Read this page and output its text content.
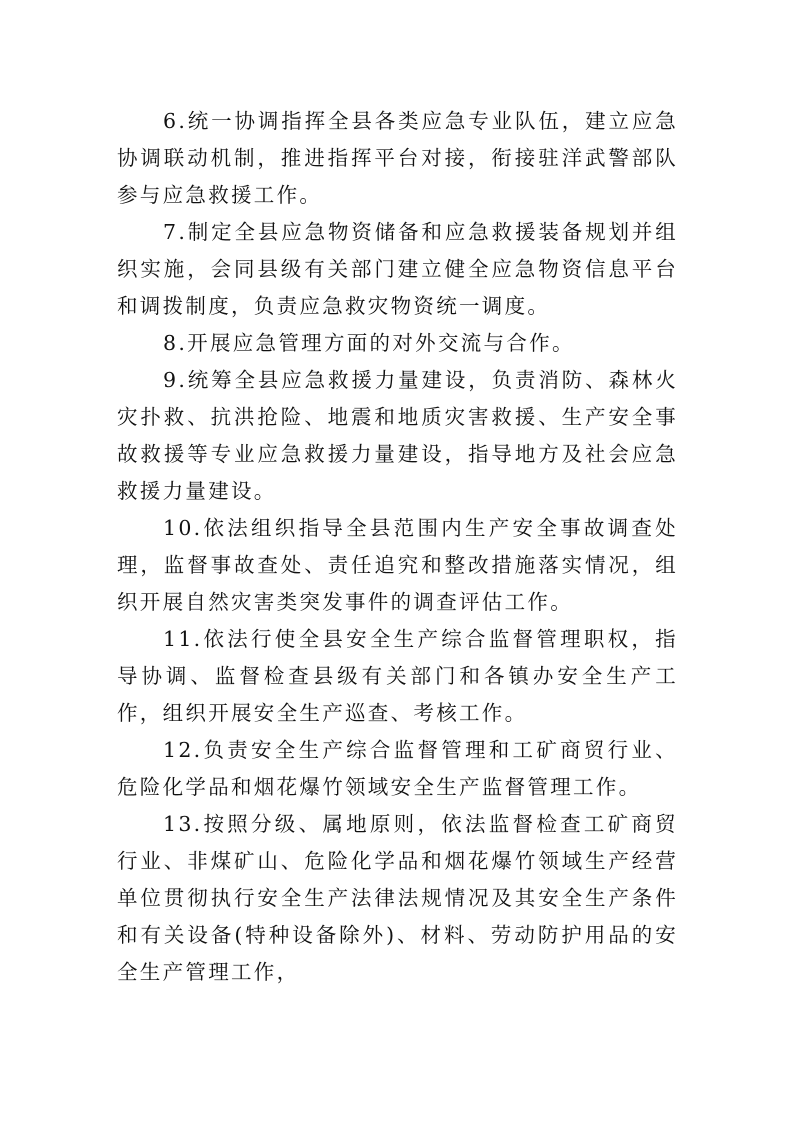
6.统一协调指挥全县各类应急专业队伍，建立应急协调联动机制，推进指挥平台对接，衔接驻洋武警部队参与应急救援工作。

7.制定全县应急物资储备和应急救援装备规划并组织实施，会同县级有关部门建立健全应急物资信息平台和调拨制度，负责应急救灾物资统一调度。

8.开展应急管理方面的对外交流与合作。

9.统筹全县应急救援力量建设，负责消防、森林火灾扑救、抗洪抢险、地震和地质灾害救援、生产安全事故救援等专业应急救援力量建设，指导地方及社会应急救援力量建设。

10.依法组织指导全县范围内生产安全事故调查处理，监督事故查处、责任追究和整改措施落实情况，组织开展自然灾害类突发事件的调查评估工作。

11.依法行使全县安全生产综合监督管理职权，指导协调、监督检查县级有关部门和各镇办安全生产工作，组织开展安全生产巡查、考核工作。

12.负责安全生产综合监督管理和工矿商贸行业、危险化学品和烟花爆竹领域安全生产监督管理工作。

13.按照分级、属地原则，依法监督检查工矿商贸行业、非煤矿山、危险化学品和烟花爆竹领域生产经营单位贯彻执行安全生产法律法规情况及其安全生产条件和有关设备(特种设备除外)、材料、劳动防护用品的安全生产管理工作，
